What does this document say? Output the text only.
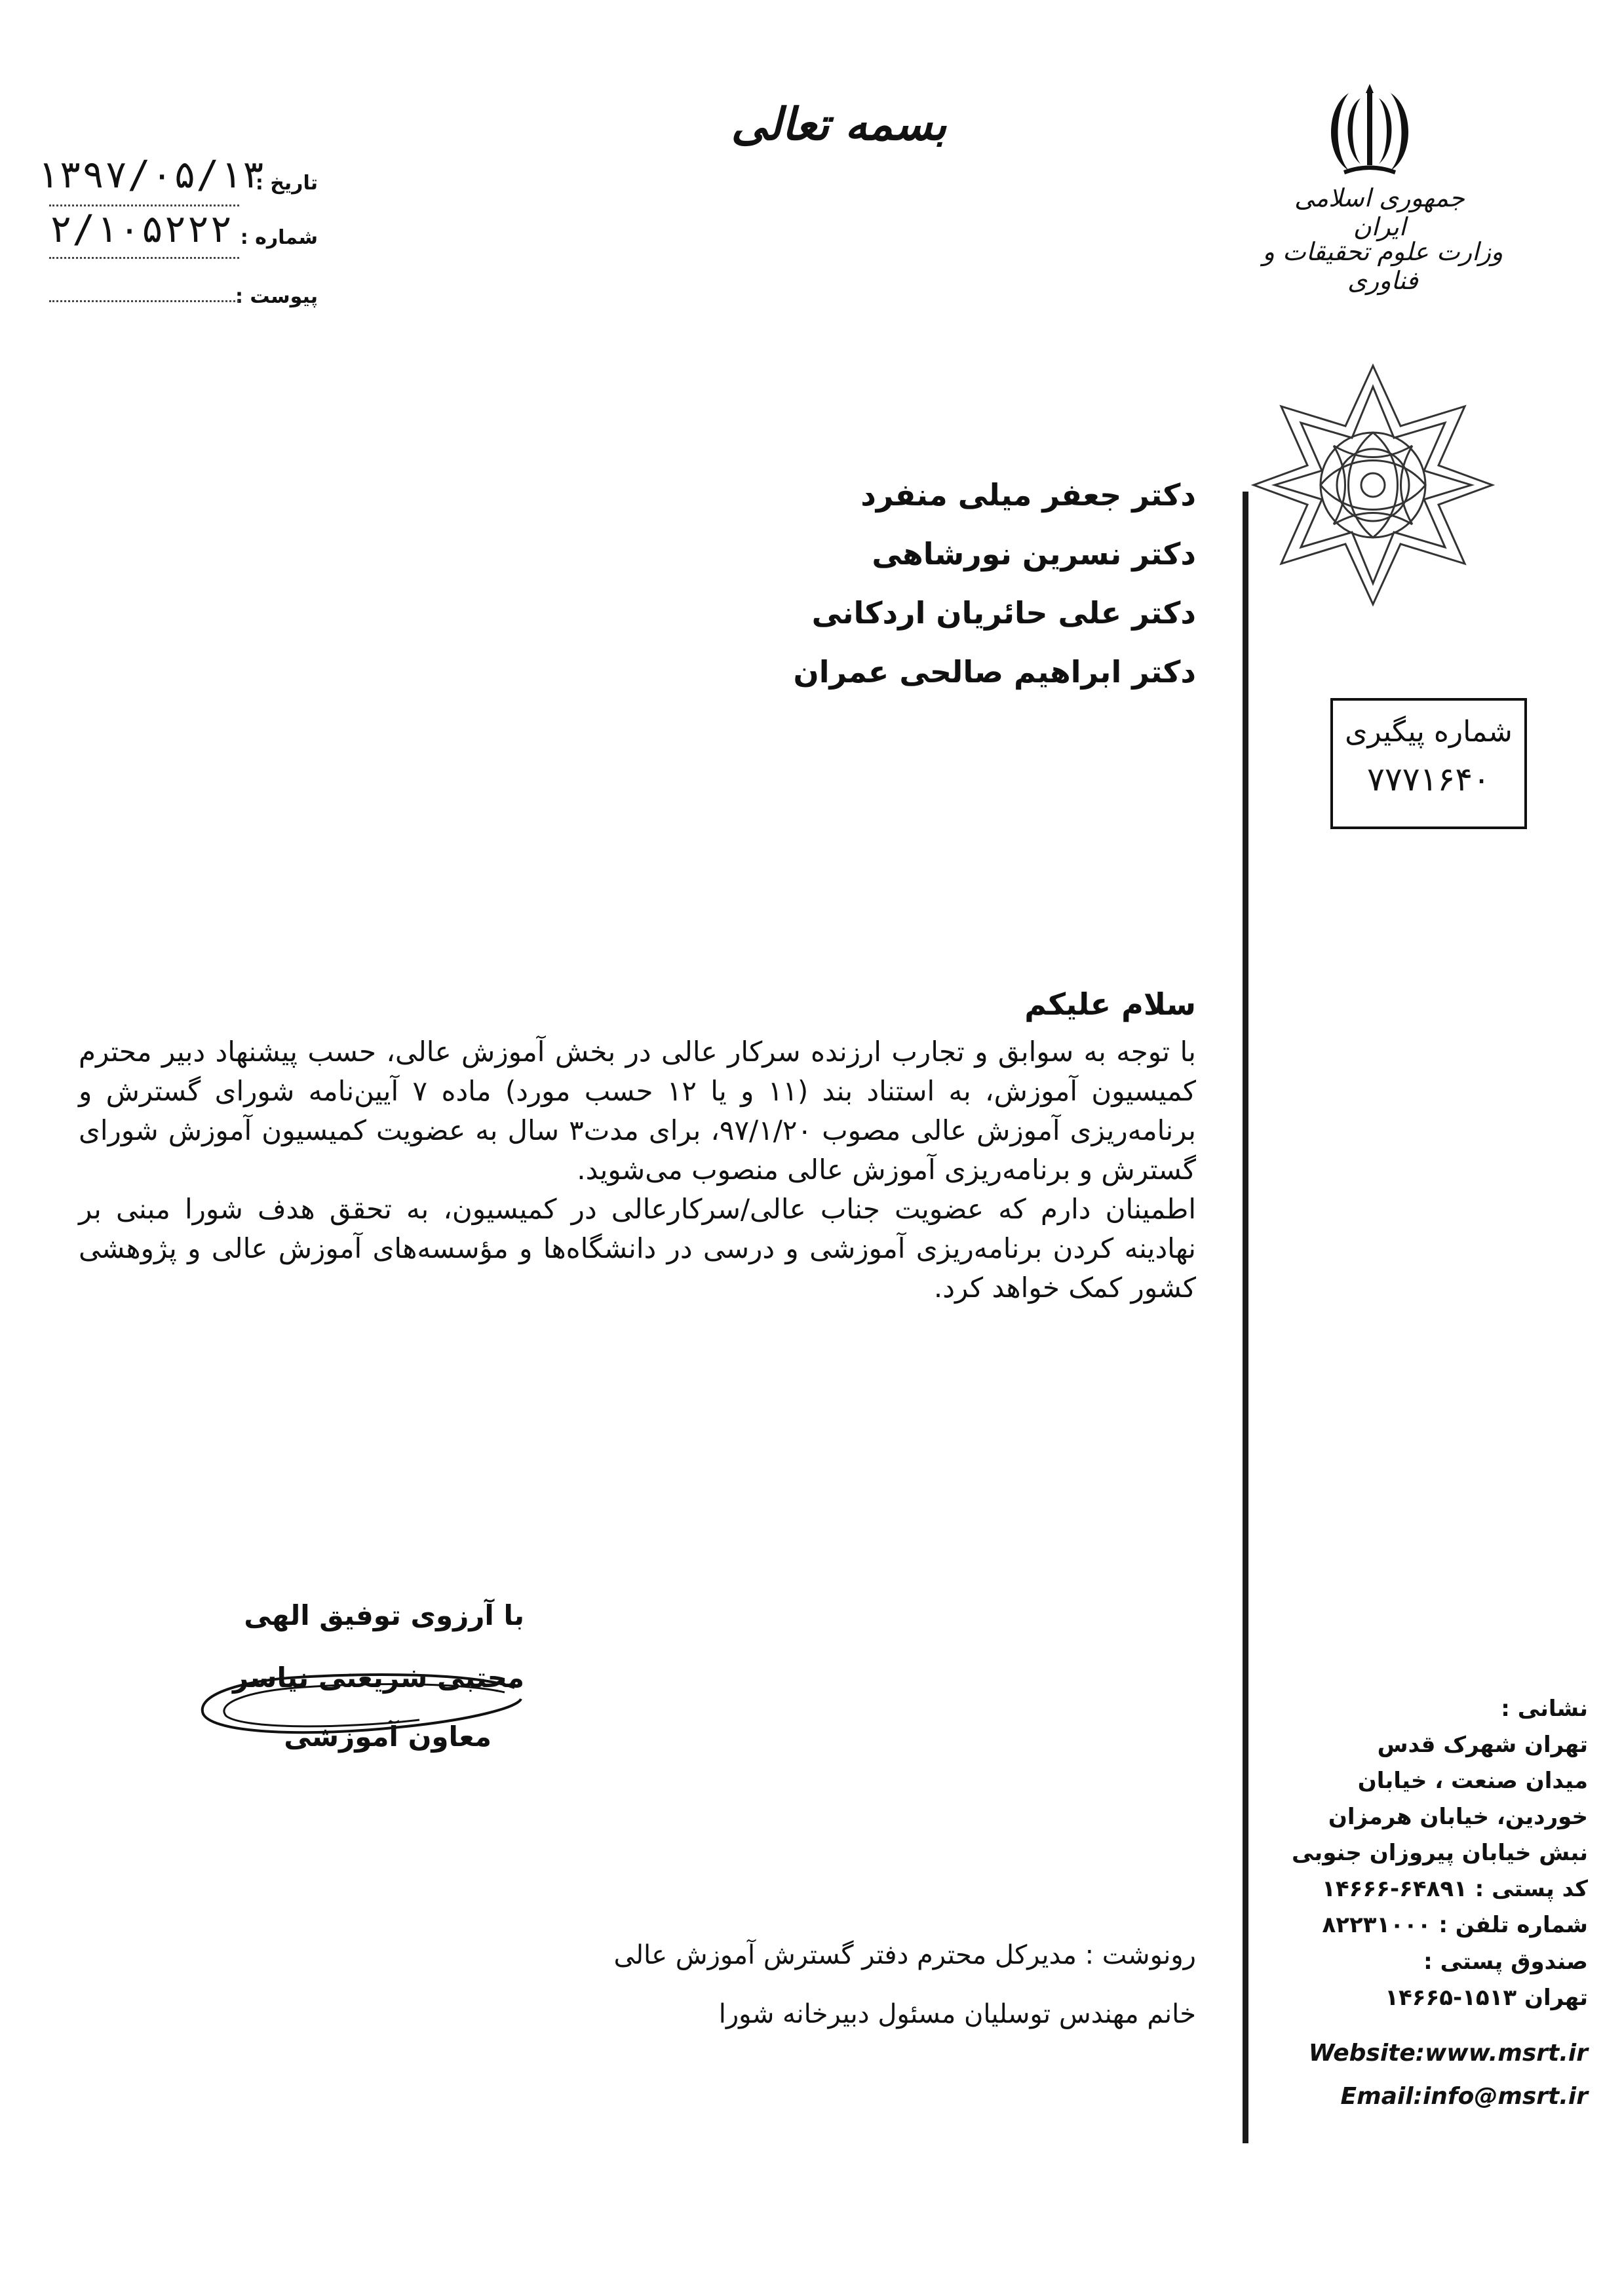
بسمه تعالی
تاریخ :
۱۳۹۷/۰۵/۱۳
شماره :
۲/۱۰۵۲۲۲
پیوست :
جمهوری اسلامی ایران
وزارت علوم تحقیقات و فناوری
دکتر جعفر میلی منفرد
دکتر نسرین نورشاهی
دکتر علی حائریان اردکانی
دکتر ابراهیم صالحی عمران
شماره پیگیری
۷۷۷۱۶۴۰
سلام علیکم

با توجه به سوابق و تجارب ارزنده سرکار عالی در بخش آموزش عالی، حسب پیشنهاد دبیر محترم کمیسیون آموزش، به استناد بند (۱۱ و یا ۱۲ حسب مورد) ماده ۷ آیین‌نامه شورای گسترش و برنامه‌ریزی آموزش عالی مصوب ۹۷/۱/۲۰، برای مدت۳ سال به عضویت کمیسیون آموزش شورای گسترش و برنامه‌ریزی آموزش عالی منصوب می‌شوید.

اطمینان دارم که عضویت جناب عالی/سرکارعالی در کمیسیون، به تحقق هدف شورا مبنی بر نهادینه کردن برنامه‌ریزی آموزشی و درسی در دانشگاه‌ها و مؤسسه‌های آموزش عالی و پژوهشی کشور کمک خواهد کرد.

با آرزوی توفیق الهی
مجتبی شریعتی نیاسر
معاون آموزشی
رونوشت : مدیرکل محترم دفتر گسترش آموزش عالی
خانم مهندس توسلیان مسئول دبیرخانه شورا
نشانی :
تهران شهرک قدس
میدان صنعت ، خیابان
خوردین، خیابان هرمزان
نبش خیابان پیروزان جنوبی
کد پستی : ۶۴۸۹۱-۱۴۶۶۶
شماره تلفن : ۸۲۲۳۱۰۰۰
صندوق پستی :
تهران ۱۵۱۳-۱۴۶۶۵
Website:www.msrt.ir
Email:info@msrt.ir
